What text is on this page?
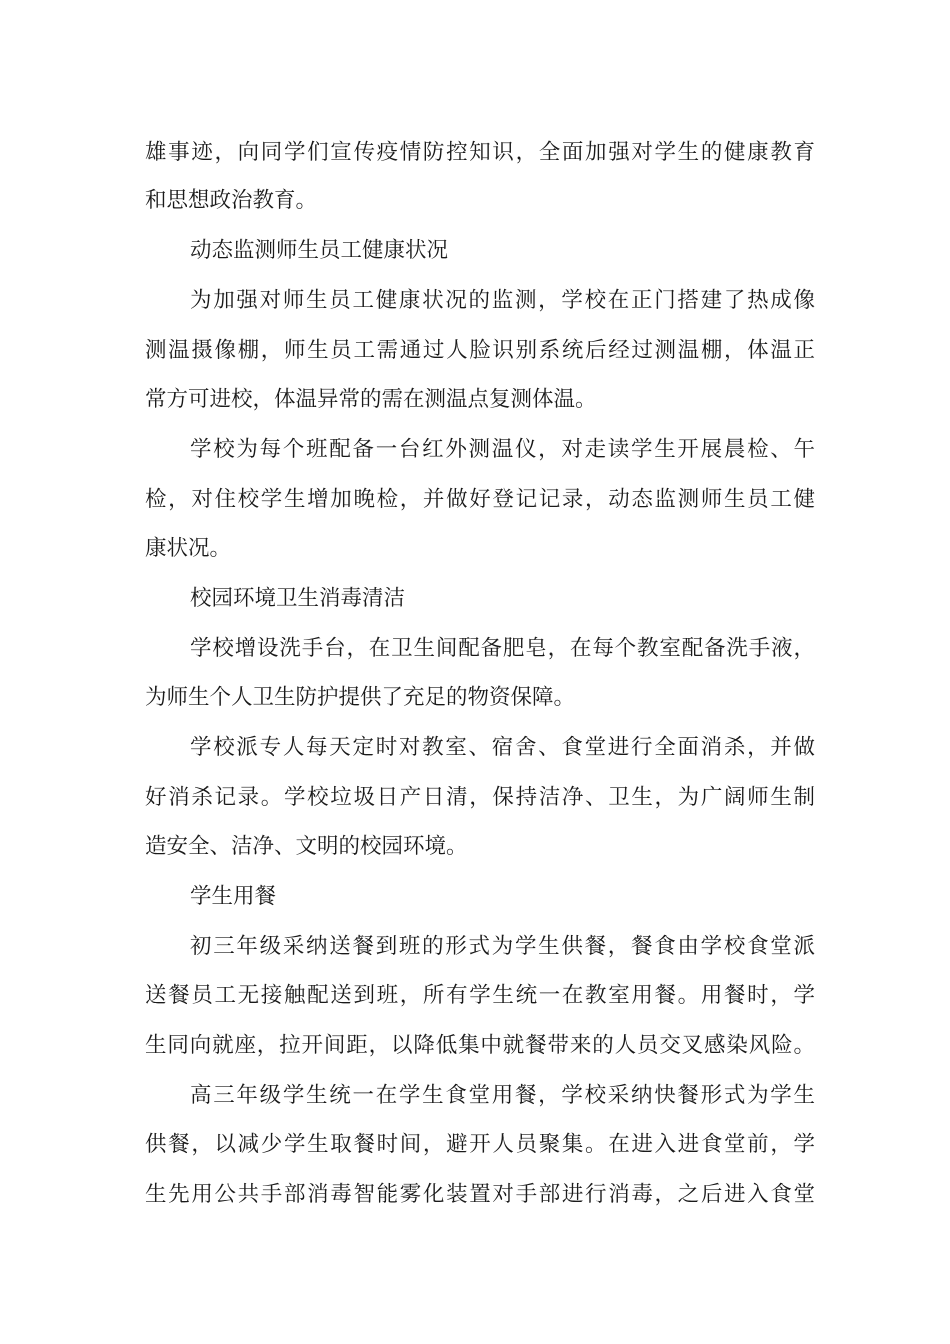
雄事迹，向同学们宣传疫情防控知识，全面加强对学生的健康教育
和思想政治教育。
动态监测师生员工健康状况
为加强对师生员工健康状况的监测，学校在正门搭建了热成像
测温摄像棚，师生员工需通过人脸识别系统后经过测温棚，体温正
常方可进校，体温异常的需在测温点复测体温。
学校为每个班配备一台红外测温仪，对走读学生开展晨检、午
检，对住校学生增加晚检，并做好登记记录，动态监测师生员工健
康状况。
校园环境卫生消毒清洁
学校增设洗手台，在卫生间配备肥皂，在每个教室配备洗手液，
为师生个人卫生防护提供了充足的物资保障。
学校派专人每天定时对教室、宿舍、食堂进行全面消杀，并做
好消杀记录。学校垃圾日产日清，保持洁净、卫生，为广阔师生制
造安全、洁净、文明的校园环境。
学生用餐
初三年级采纳送餐到班的形式为学生供餐，餐食由学校食堂派
送餐员工无接触配送到班，所有学生统一在教室用餐。用餐时，学
生同向就座，拉开间距，以降低集中就餐带来的人员交叉感染风险。
高三年级学生统一在学生食堂用餐，学校采纳快餐形式为学生
供餐，以减少学生取餐时间，避开人员聚集。在进入进食堂前，学
生先用公共手部消毒智能雾化装置对手部进行消毒，之后进入食堂
